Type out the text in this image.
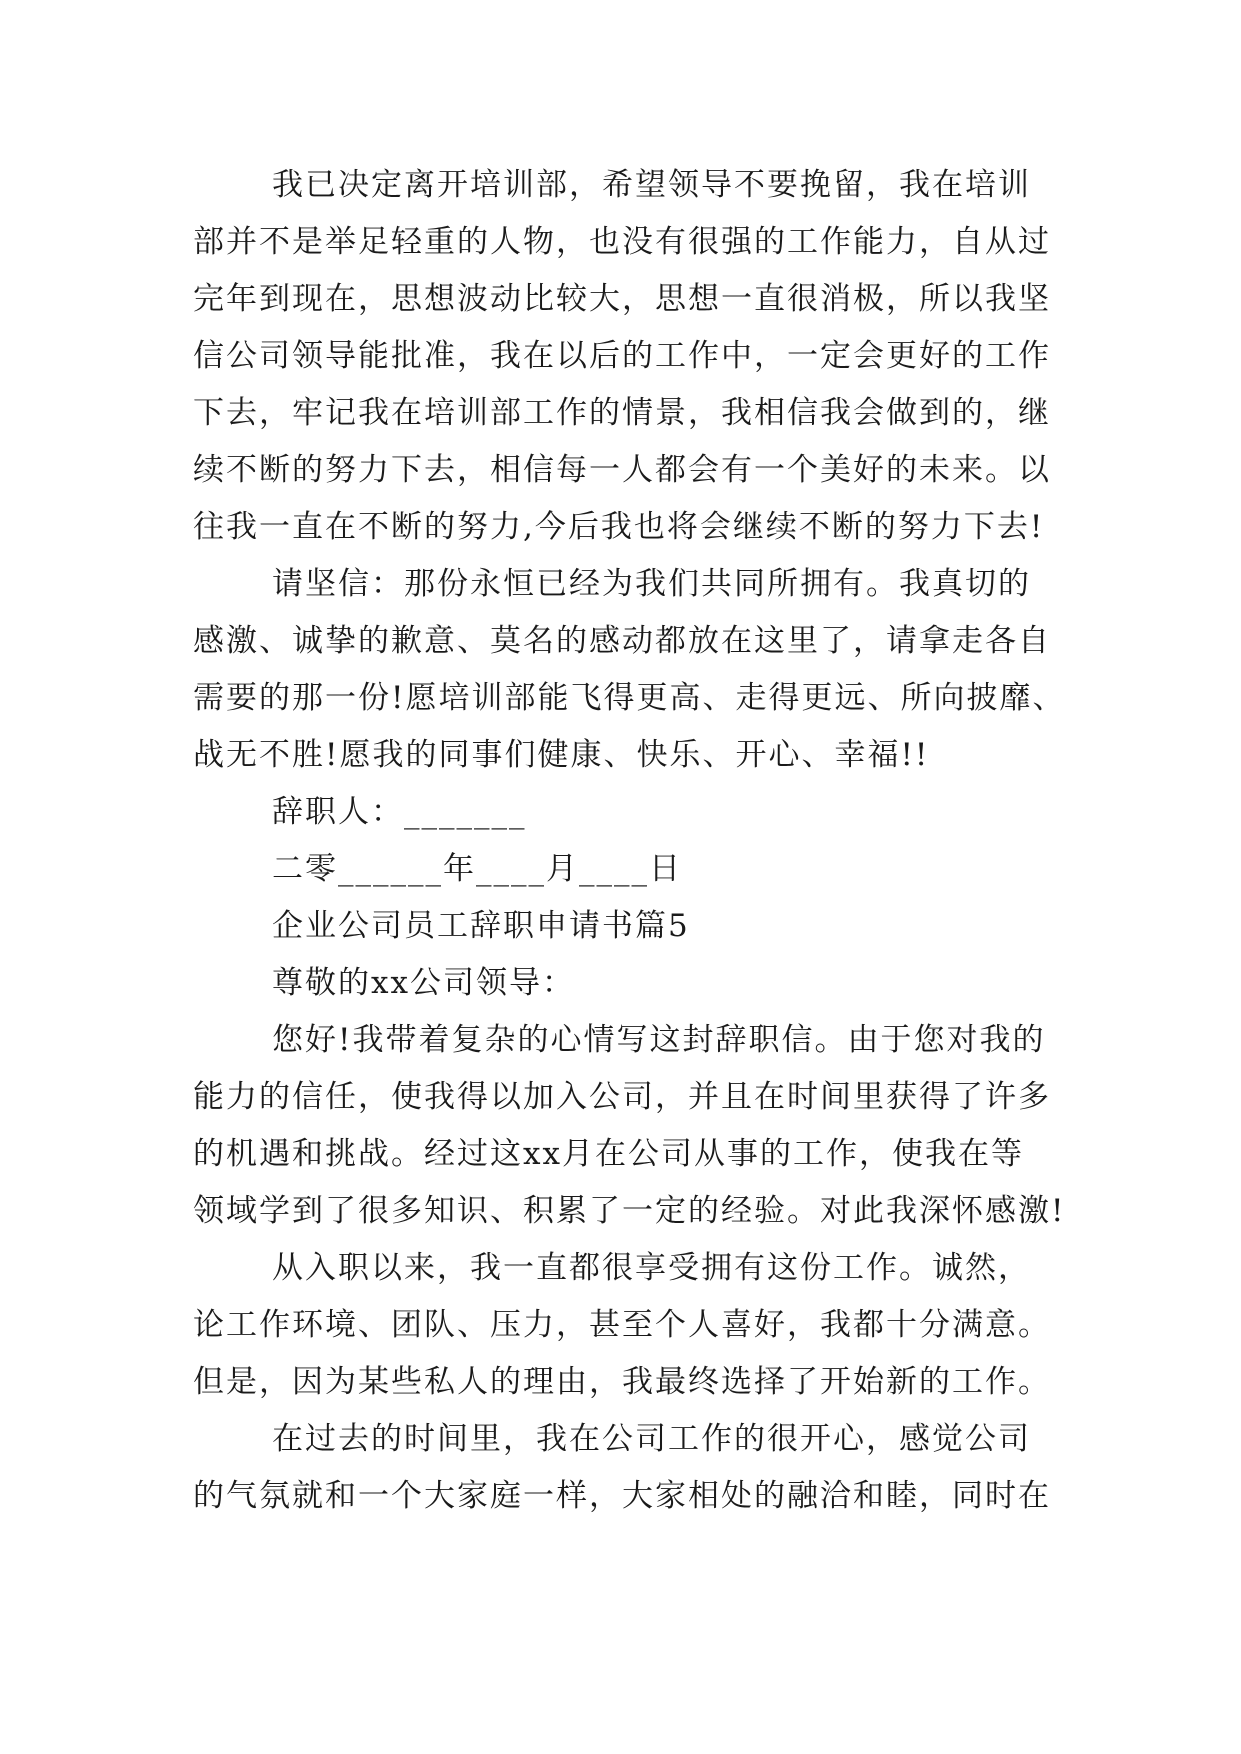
我已决定离开培训部，希望领导不要挽留，我在培训
部并不是举足轻重的人物，也没有很强的工作能力，自从过
完年到现在，思想波动比较大，思想一直很消极，所以我坚
信公司领导能批准，我在以后的工作中，一定会更好的工作
下去，牢记我在培训部工作的情景，我相信我会做到的，继
续不断的努力下去，相信每一人都会有一个美好的未来。以
往我一直在不断的努力,今后我也将会继续不断的努力下去!
请坚信：那份永恒已经为我们共同所拥有。我真切的
感激、诚挚的歉意、莫名的感动都放在这里了，请拿走各自
需要的那一份!愿培训部能飞得更高、走得更远、所向披靡、
战无不胜!愿我的同事们健康、快乐、开心、幸福!!
辞职人：_______
二零______年____月____日
企业公司员工辞职申请书篇5
尊敬的xx公司领导：
您好!我带着复杂的心情写这封辞职信。由于您对我的
能力的信任，使我得以加入公司，并且在时间里获得了许多
的机遇和挑战。经过这xx月在公司从事的工作，使我在等
领域学到了很多知识、积累了一定的经验。对此我深怀感激!
从入职以来，我一直都很享受拥有这份工作。诚然，
论工作环境、团队、压力，甚至个人喜好，我都十分满意。
但是，因为某些私人的理由，我最终选择了开始新的工作。
在过去的时间里，我在公司工作的很开心，感觉公司
的气氛就和一个大家庭一样，大家相处的融洽和睦，同时在
